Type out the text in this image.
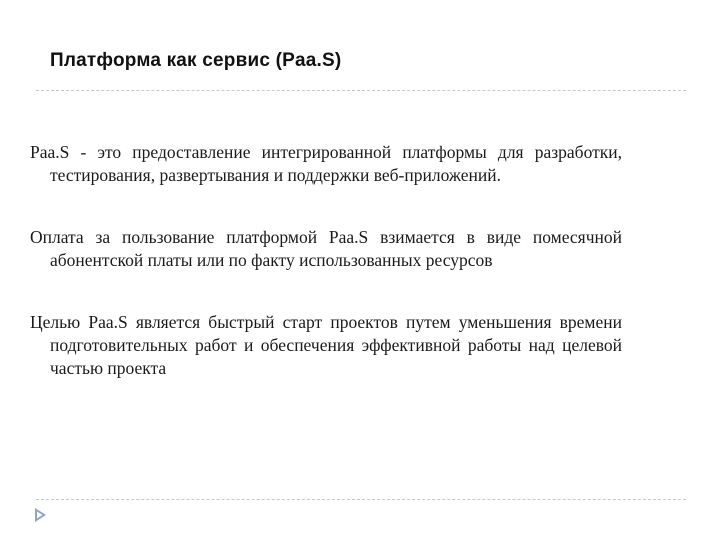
Платформа как сервис (Paa.S)

Paa.S - это предоставление интегрированной платформы для разработки, тестирования, развертывания и поддержки веб-приложений.

Оплата за пользование платформой Paa.S взимается в виде помесячной абонентской платы или по факту использованных ресурсов

Целью Paa.S является быстрый старт проектов путем уменьшения времени подготовительных работ и обеспечения эффективной работы над целевой частью проекта
